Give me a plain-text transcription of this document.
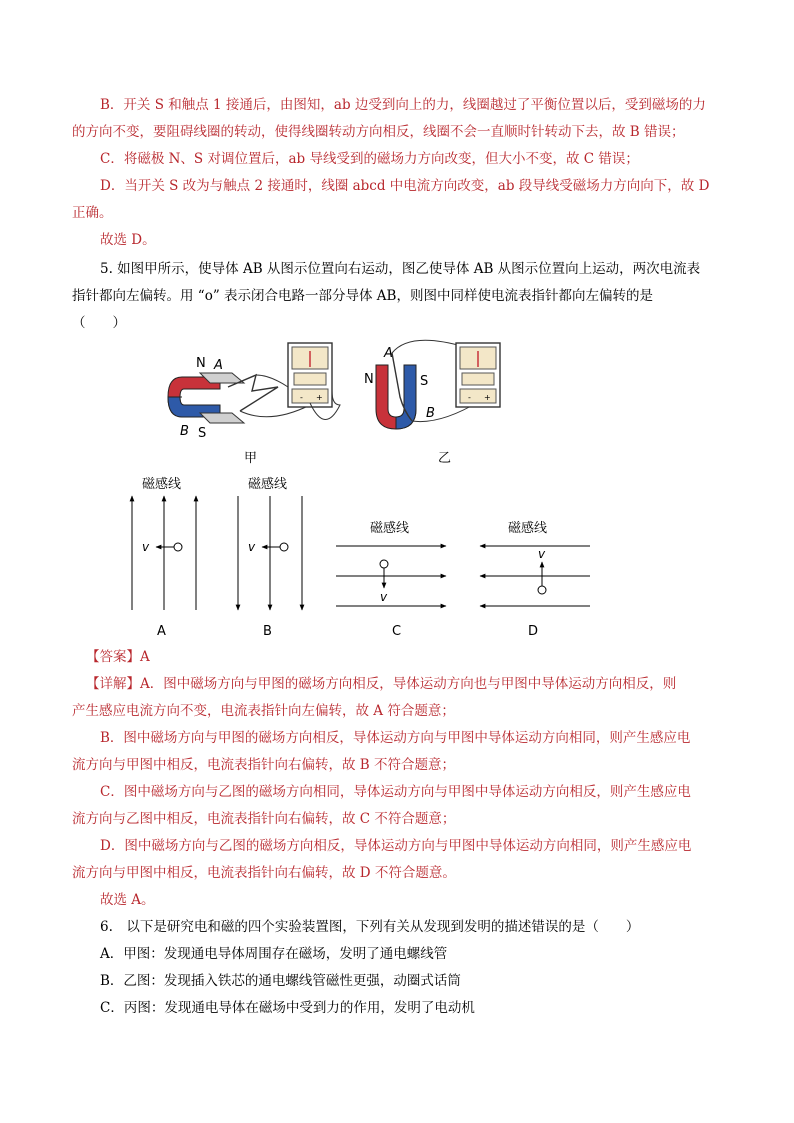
B．开关 S 和触点 1 接通后，由图知，ab 边受到向上的力，线圈越过了平衡位置以后，受到磁场的力
的方向不变，要阻碍线圈的转动，使得线圈转动方向相反，线圈不会一直顺时针转动下去，故 B 错误；
C．将磁极 N、S 对调位置后，ab 导线受到的磁场力方向改变，但大小不变，故 C 错误；
D．当开关 S 改为与触点 2 接通时，线圈 abcd 中电流方向改变，ab 段导线受磁场力方向向下，故 D
正确。
故选 D。
5. 如图甲所示，使导体 AB 从图示位置向右运动，图乙使导体 AB 从图示位置向上运动，两次电流表
指针都向左偏转。用 “o” 表示闭合电路一部分导体 AB，则图中同样使电流表指针都向左偏转的是
（　　）
- +
N A
B S
- +
A
N	S
B
甲	乙
磁感线
v
磁感线
v
磁感线
v
磁感线
v
A	B	C	D
【答案】A
【详解】A．图中磁场方向与甲图的磁场方向相反，导体运动方向也与甲图中导体运动方向相反，则
产生感应电流方向不变，电流表指针向左偏转，故 A 符合题意；
B．图中磁场方向与甲图的磁场方向相反，导体运动方向与甲图中导体运动方向相同，则产生感应电
流方向与甲图中相反，电流表指针向右偏转，故 B 不符合题意；
C．图中磁场方向与乙图的磁场方向相同，导体运动方向与甲图中导体运动方向相反，则产生感应电
流方向与乙图中相反，电流表指针向右偏转，故 C 不符合题意；
D．图中磁场方向与乙图的磁场方向相反，导体运动方向与甲图中导体运动方向相同，则产生感应电
流方向与甲图中相反，电流表指针向右偏转，故 D 不符合题意。
故选 A。
6.　以下是研究电和磁的四个实验装置图，下列有关从发现到发明的描述错误的是（　　）
A．甲图：发现通电导体周围存在磁场，发明了通电螺线管
B．乙图：发现插入铁芯的通电螺线管磁性更强，动圈式话筒
C．丙图：发现通电导体在磁场中受到力的作用，发明了电动机
